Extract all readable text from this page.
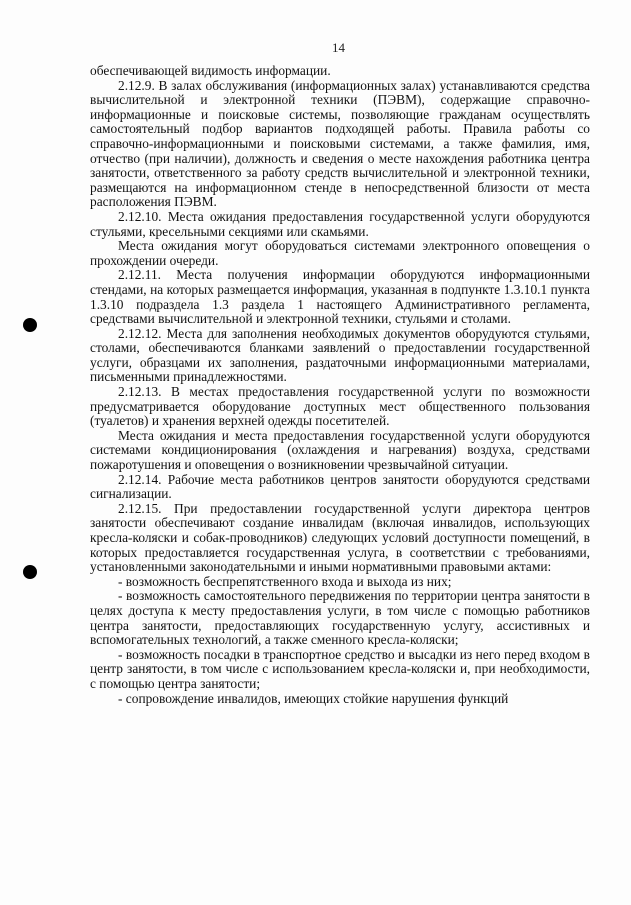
14

обеспечивающей видимость информации.

2.12.9. В залах обслуживания (информационных залах) устанавливаются средства вычислительной и электронной техники (ПЭВМ), содержащие справочно-информационные и поисковые системы, позволяющие гражданам осуществлять самостоятельный подбор вариантов подходящей работы. Правила работы со справочно-информационными и поисковыми системами, а также фамилия, имя, отчество (при наличии), должность и сведения о месте нахождения работника центра занятости, ответственного за работу средств вычислительной и электронной техники, размещаются на информационном стенде в непосредственной близости от места расположения ПЭВМ.

2.12.10. Места ожидания предоставления государственной услуги оборудуются стульями, кресельными секциями или скамьями.

Места ожидания могут оборудоваться системами электронного оповещения о прохождении очереди.

2.12.11. Места получения информации оборудуются информационными стендами, на которых размещается информация, указанная в подпункте 1.3.10.1 пункта 1.3.10 подраздела 1.3 раздела 1 настоящего Административного регламента, средствами вычислительной и электронной техники, стульями и столами.

2.12.12. Места для заполнения необходимых документов оборудуются стульями, столами, обеспечиваются бланками заявлений о предоставлении государственной услуги, образцами их заполнения, раздаточными информационными материалами, письменными принадлежностями.

2.12.13. В местах предоставления государственной услуги по возможности предусматривается оборудование доступных мест общественного пользования (туалетов) и хранения верхней одежды посетителей.

Места ожидания и места предоставления государственной услуги оборудуются системами кондиционирования (охлаждения и нагревания) воздуха, средствами пожаротушения и оповещения о возникновении чрезвычайной ситуации.

2.12.14. Рабочие места работников центров занятости оборудуются средствами сигнализации.

2.12.15. При предоставлении государственной услуги директора центров занятости обеспечивают создание инвалидам (включая инвалидов, использующих кресла-коляски и собак-проводников) следующих условий доступности помещений, в которых предоставляется государственная услуга, в соответствии с требованиями, установленными законодательными и иными нормативными правовыми актами:

- возможность беспрепятственного входа и выхода из них;

- возможность самостоятельного передвижения по территории центра занятости в целях доступа к месту предоставления услуги, в том числе с помощью работников центра занятости, предоставляющих государственную услугу, ассистивных и вспомогательных технологий, а также сменного кресла-коляски;

- возможность посадки в транспортное средство и высадки из него перед входом в центр занятости, в том числе с использованием кресла-коляски и, при необходимости, с помощью центра занятости;

- сопровождение инвалидов, имеющих стойкие нарушения функций
